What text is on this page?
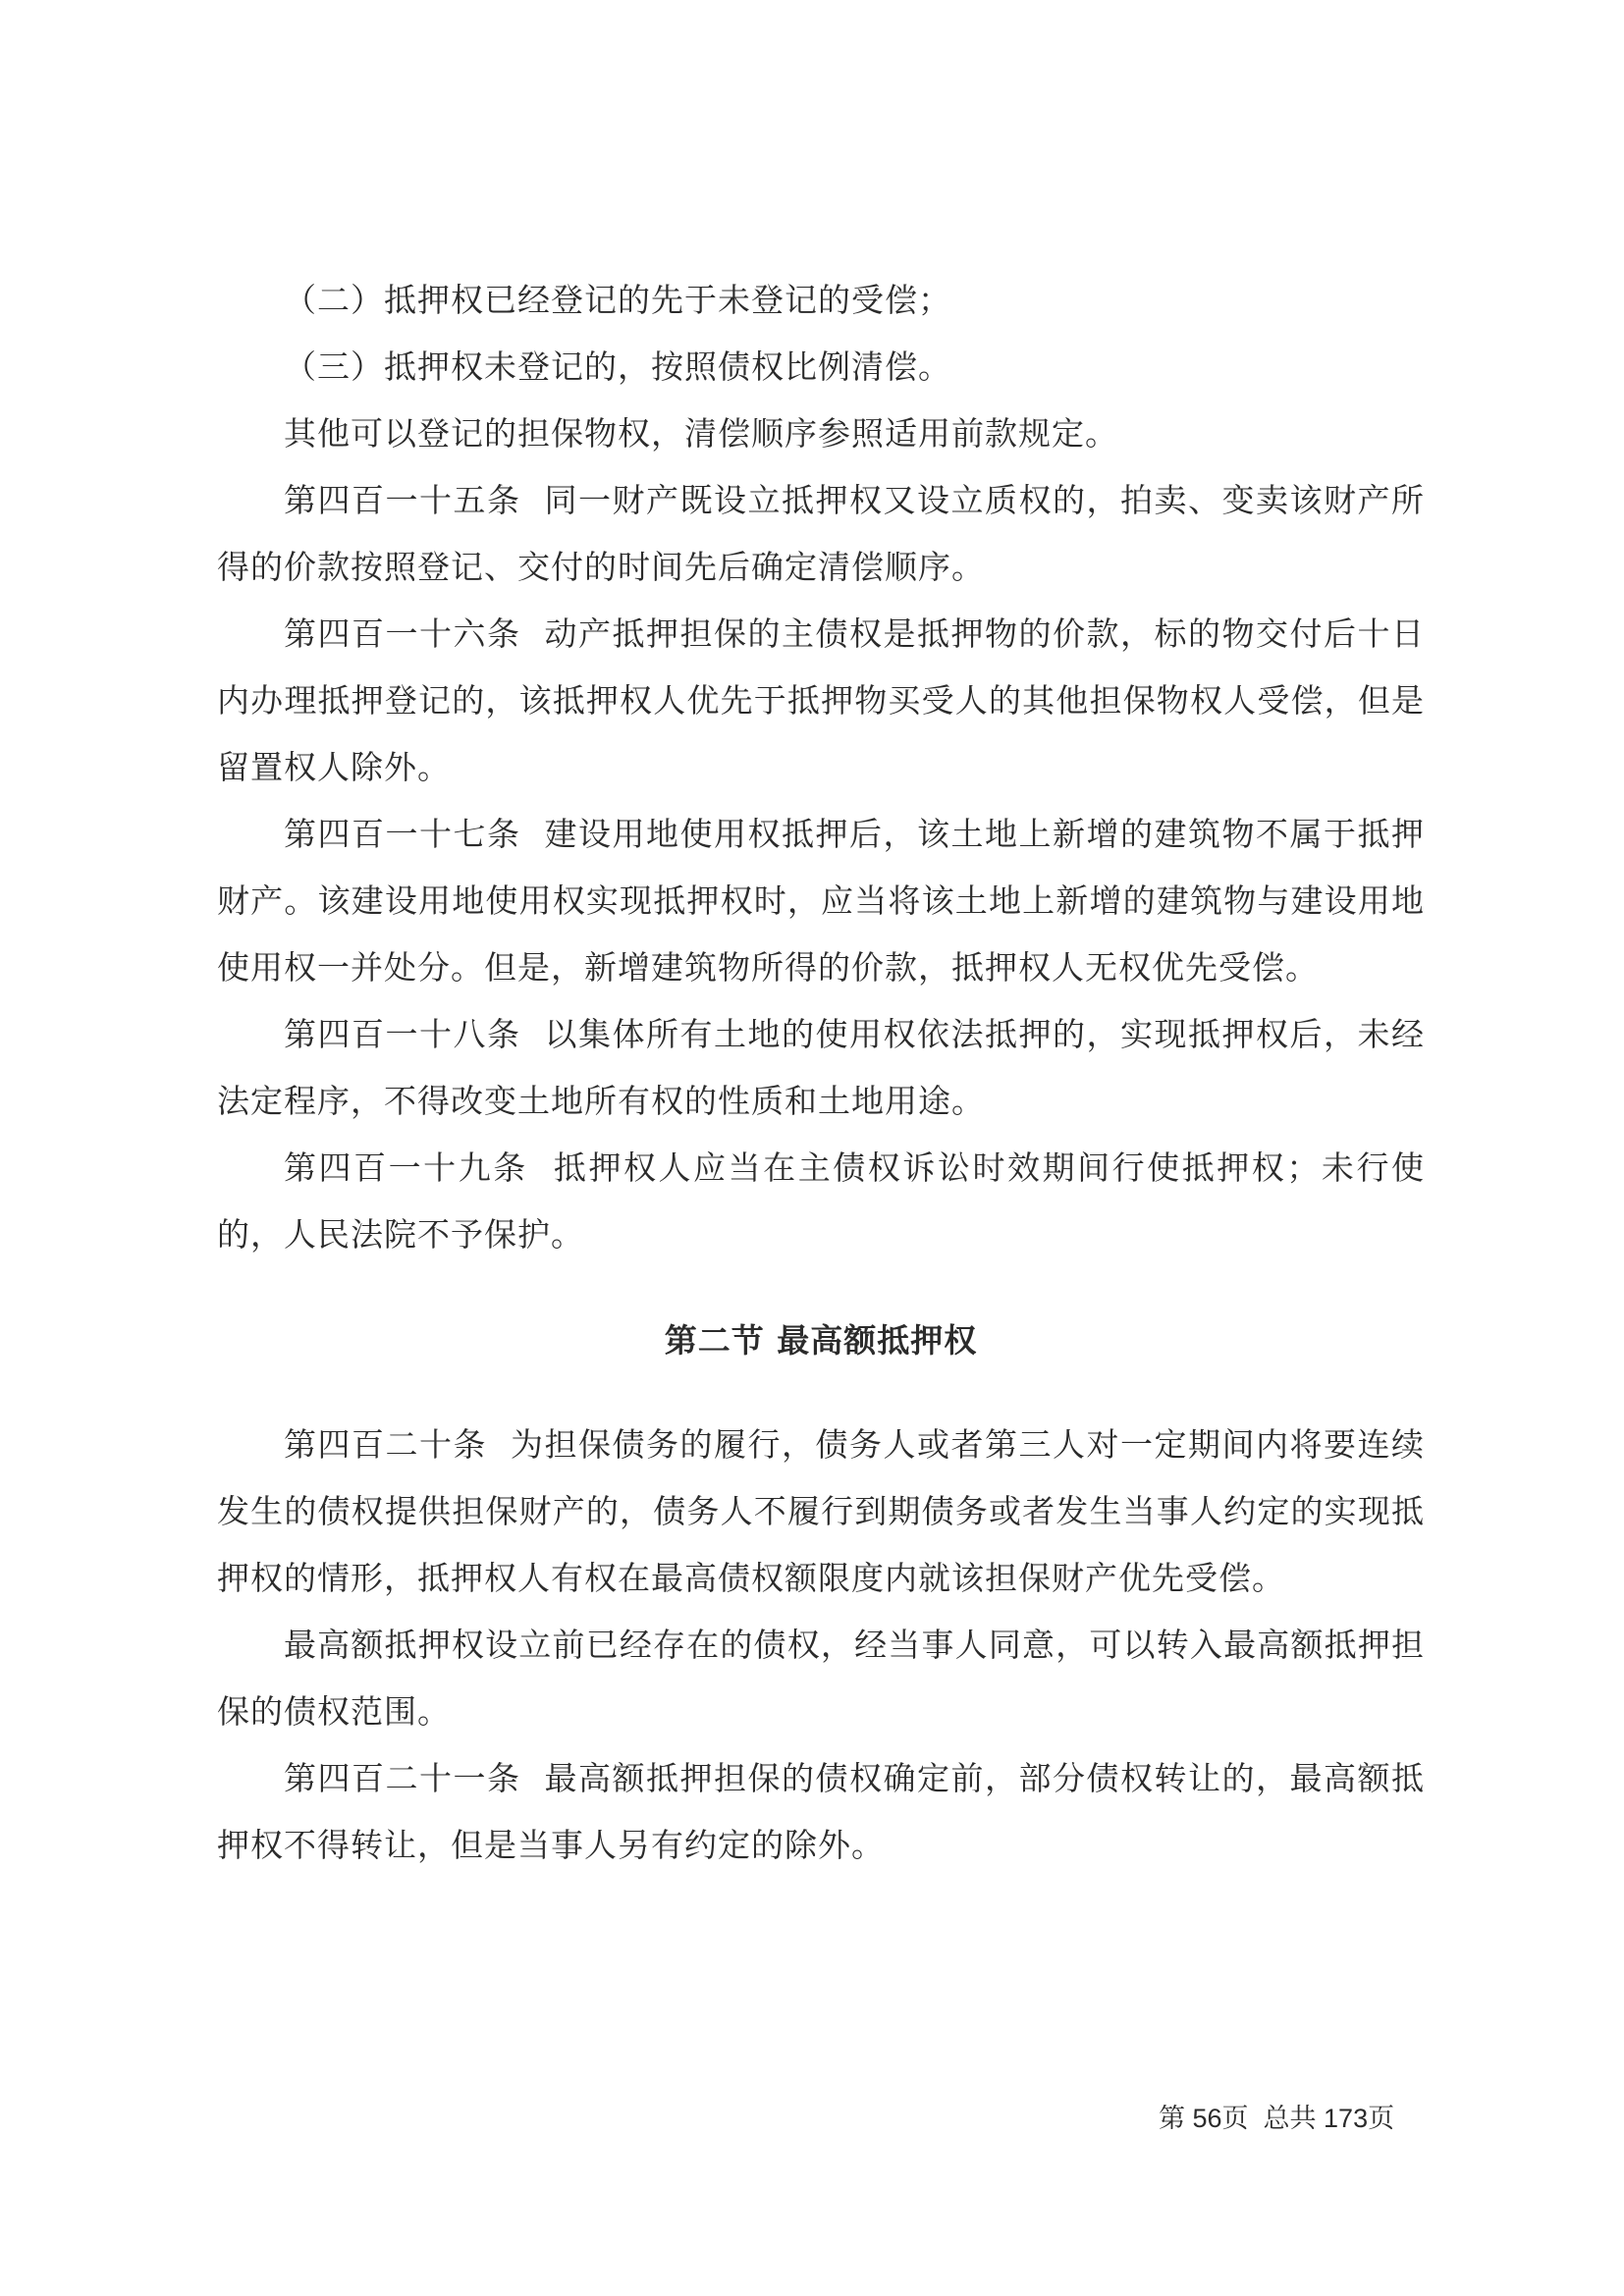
（二）抵押权已经登记的先于未登记的受偿；

（三）抵押权未登记的，按照债权比例清偿。

其他可以登记的担保物权，清偿顺序参照适用前款规定。

第四百一十五条  同一财产既设立抵押权又设立质权的，拍卖、变卖该财产所得的价款按照登记、交付的时间先后确定清偿顺序。

第四百一十六条  动产抵押担保的主债权是抵押物的价款，标的物交付后十日内办理抵押登记的，该抵押权人优先于抵押物买受人的其他担保物权人受偿，但是留置权人除外。

第四百一十七条  建设用地使用权抵押后，该土地上新增的建筑物不属于抵押财产。该建设用地使用权实现抵押权时，应当将该土地上新增的建筑物与建设用地使用权一并处分。但是，新增建筑物所得的价款，抵押权人无权优先受偿。

第四百一十八条  以集体所有土地的使用权依法抵押的，实现抵押权后，未经法定程序，不得改变土地所有权的性质和土地用途。

第四百一十九条  抵押权人应当在主债权诉讼时效期间行使抵押权；未行使的，人民法院不予保护。

第二节 最高额抵押权

第四百二十条  为担保债务的履行，债务人或者第三人对一定期间内将要连续发生的债权提供担保财产的，债务人不履行到期债务或者发生当事人约定的实现抵押权的情形，抵押权人有权在最高债权额限度内就该担保财产优先受偿。

最高额抵押权设立前已经存在的债权，经当事人同意，可以转入最高额抵押担保的债权范围。

第四百二十一条  最高额抵押担保的债权确定前，部分债权转让的，最高额抵押权不得转让，但是当事人另有约定的除外。

第 56页  总共 173页
